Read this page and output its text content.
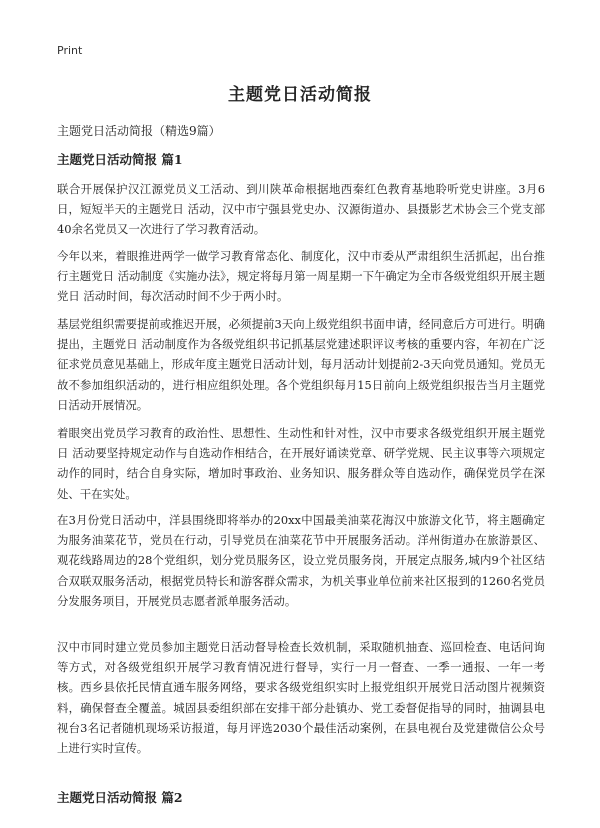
Print
主题党日活动简报
主题党日活动简报（精选9篇）
主题党日活动简报 篇1
联合开展保护汉江源党员义工活动、到川陕革命根据地西秦红色教育基地聆听党史讲座。3月6日，短短半天的主题党日 活动，汉中市宁强县党史办、汉源街道办、县摄影艺术协会三个党支部40余名党员又一次进行了学习教育活动。
今年以来，着眼推进两学一做学习教育常态化、制度化，汉中市委从严肃组织生活抓起，出台推行主题党日 活动制度《实施办法》，规定将每月第一周星期一下午确定为全市各级党组织开展主题党日 活动时间，每次活动时间不少于两小时。
基层党组织需要提前或推迟开展，必须提前3天向上级党组织书面申请，经同意后方可进行。明确提出，主题党日 活动制度作为各级党组织书记抓基层党建述职评议考核的重要内容，年初在广泛征求党员意见基础上，形成年度主题党日活动计划，每月活动计划提前2-3天向党员通知。党员无故不参加组织活动的，进行相应组织处理。各个党组织每月15日前向上级党组织报告当月主题党日活动开展情况。
着眼突出党员学习教育的政治性、思想性、生动性和针对性，汉中市要求各级党组织开展主题党日 活动要坚持规定动作与自选动作相结合，在开展好诵读党章、研学党规、民主议事等六项规定动作的同时，结合自身实际，增加时事政治、业务知识、服务群众等自选动作，确保党员学在深处、干在实处。
在3月份党日活动中，洋县围绕即将举办的20xx中国最美油菜花海汉中旅游文化节，将主题确定为服务油菜花节，党员在行动，引导党员在油菜花节中开展服务活动。洋州街道办在旅游景区、观花线路周边的28个党组织，划分党员服务区，设立党员服务岗，开展定点服务,城内9个社区结合双联双服务活动，根据党员特长和游客群众需求，为机关事业单位前来社区报到的1260名党员分发服务项目，开展党员志愿者派单服务活动。
汉中市同时建立党员参加主题党日活动督导检查长效机制，采取随机抽查、巡回检查、电话问询等方式，对各级党组织开展学习教育情况进行督导，实行一月一督查、一季一通报、一年一考核。西乡县依托民情直通车服务网络，要求各级党组织实时上报党组织开展党日活动图片视频资料，确保督查全覆盖。城固县委组织部在安排干部分赴镇办、党工委督促指导的同时，抽调县电视台3名记者随机现场采访报道，每月评选2030个最佳活动案例，在县电视台及党建微信公众号上进行实时宣传。
主题党日活动简报 篇2
